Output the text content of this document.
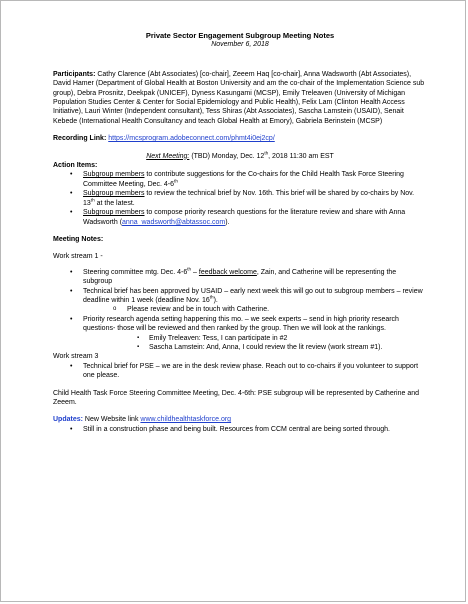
Private Sector Engagement Subgroup Meeting Notes
November 6, 2018

Participants: Cathy Clarence (Abt Associates) [co-chair], Zeeem Haq [co-chair], Anna Wadsworth (Abt Associates), David Hamer (Department of Global Health at Boston University and am the co-chair of the Implementation Science sub group), Debra Prosnitz, Deekpak (UNICEF), Dyness Kasungami (MCSP), Emily Treleaven (University of Michigan Population Studies Center & Center for Social Epidemiology and Public Health), Felix Lam (Clinton Health Access Initiative), Lauri Winter (Independent consultant), Tess Shiras (Abt Associates), Sascha Lamstein (USAID), Senait Kebede (International Health Consultancy and teach Global Health at Emory), Gabriela Berinstein (MCSP)

Recording Link: https://mcsprogram.adobeconnect.com/phmt4i0ej2cp/

Next Meeting: (TBD) Monday, Dec. 12th, 2018 11:30 am EST

Action Items:

• Subgroup members to contribute suggestions for the Co-chairs for the Child Health Task Force Steering Committee Meeting, Dec. 4-6th
• Subgroup members to review the technical brief by Nov. 16th. This brief will be shared by co-chairs by Nov. 13th at the latest.
• Subgroup members to compose priority research questions for the literature review and share with Anna Wadsworth (anna_wadsworth@abtassoc.com).

Meeting Notes:

Work stream 1 -

• Steering committee mtg. Dec. 4-6th – feedback welcome, Zain, and Catherine will be representing the subgroup
• Technical brief has been approved by USAID – early next week this will go out to subgroup members – review deadline within 1 week (deadline Nov. 16th).
o Please review and be in touch with Catherine.
• Priority research agenda setting happening this mo. – we seek experts – send in high priority research questions- those will be reviewed and then ranked by the group. Then we will look at the rankings.
▪ Emily Treleaven: Tess, I can participate in #2
▪ Sascha Lamstein: And, Anna, I could review the lit review (work stream #1).

Work stream 3

• Technical brief for PSE – we are in the desk review phase. Reach out to co-chairs if you volunteer to support one please.

Child Health Task Force Steering Committee Meeting, Dec. 4-6th: PSE subgroup will be represented by Catherine and Zeeem.

Updates: New Website link www.childhealthtaskforce.org

• Still in a construction phase and being built. Resources from CCM central are being sorted through.
